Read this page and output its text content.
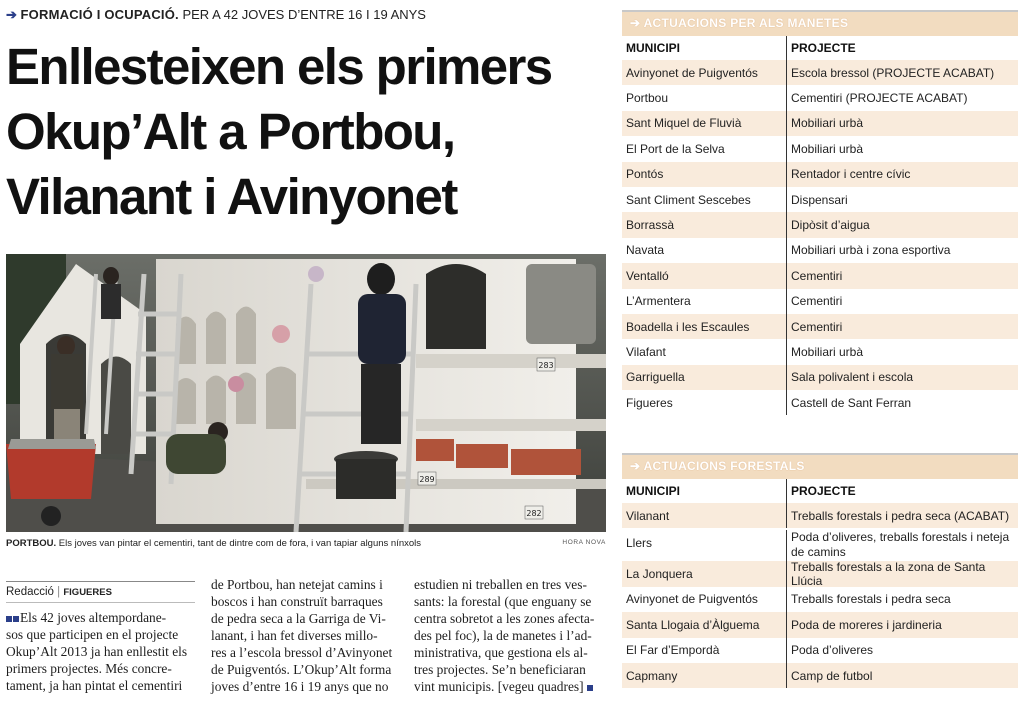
➔ FORMACIÓ I OCUPACIÓ. PER A 42 JOVES D’ENTRE 16 I 19 ANYS
Enllesteixen els primers
Okup’Alt a Portbou,
Vilanant i Avinyonet
283
289
282
PORTBOU. Els joves van pintar el cementiri, tant de dintre com de fora, i van tapiar alguns nínxols	HORA NOVA
Redacció | FIGUERES
Els 42 joves altempordane-
sos que participen en el projecte
Okup’Alt 2013 ja han enllestit els
primers projectes. Més concre-
tament, ja han pintat el cementiri
de Portbou, han netejat camins i
boscos i han construït barraques
de pedra seca a la Garriga de Vi-
lanant, i han fet diverses millo-
res a l’escola bressol d’Avinyonet
de Puigventós. L’Okup’Alt forma
joves d’entre 16 i 19 anys que no
estudien ni treballen en tres ves-
sants: la forestal (que enguany se
centra sobretot a les zones afecta-
des pel foc), la de manetes i l’ad-
ministrativa, que gestiona els al-
tres projectes. Se’n beneficiaran
vint municipis. [vegeu quadres]
➔ ACTUACIONS PER ALS MANETES
MUNICIPI	PROJECTE
Avinyonet de Puigventós	Escola bressol (PROJECTE ACABAT)
Portbou	Cementiri (PROJECTE ACABAT)
Sant Miquel de Fluvià	Mobiliari urbà
El Port de la Selva	Mobiliari urbà
Pontós	Rentador i centre cívic
Sant Climent Sescebes	Dispensari
Borrassà	Dipòsit d’aigua
Navata	Mobiliari urbà i zona esportiva
Ventalló	Cementiri
L’Armentera	Cementiri
Boadella i les Escaules	Cementiri
Vilafant	Mobiliari urbà
Garriguella	Sala polivalent i escola
Figueres	Castell de Sant Ferran
➔ ACTUACIONS FORESTALS
MUNICIPI	PROJECTE
Vilanant	Treballs forestals i pedra seca (ACABAT)
Llers	Poda d’oliveres, treballs forestals i neteja de camins
La Jonquera	Treballs forestals a la zona de Santa Llúcia
Avinyonet de Puigventós	Treballs forestals i pedra seca
Santa Llogaia d’Àlguema	Poda de moreres i jardineria
El Far d’Empordà	Poda d’oliveres
Capmany	Camp de futbol
